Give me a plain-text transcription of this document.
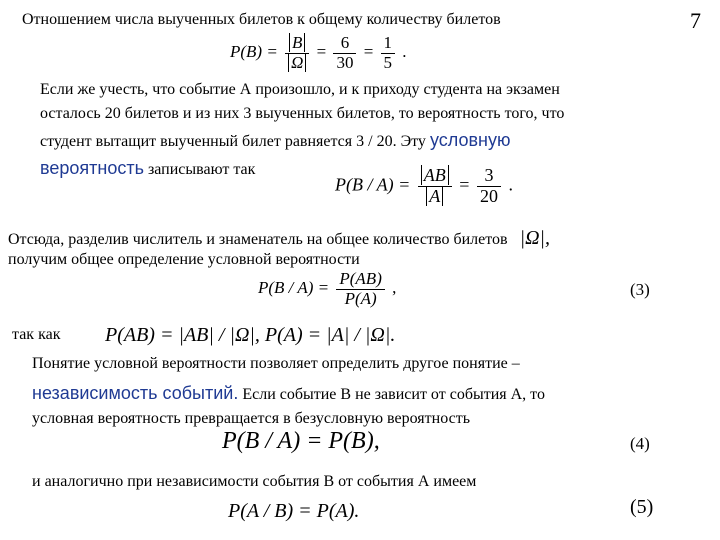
Отношением числа выученных билетов к общему количеству билетов	7
$P(B) = \frac{B}{\Omega} = \frac{6}{30} = \frac{1}{5}$ .
Если же учесть, что событие А произошло, и к приходу студента на экзамен
осталось 20 билетов и из них 3 выученных билетов, то вероятность того, что
студент вытащит выученный билет равняется 3 / 20. Эту условную
вероятность записывают так
$P(B / A) = \frac{AB}{A} = \frac{3}{20}$ .
Отсюда, разделив числитель и знаменатель на общее количество билетов |Ω|,
получим общее определение условной вероятности
$P(B / A) = \frac{P(AB)}{P(A)}$ ,	(3)
так как P(AB) = |AB| / |Ω|, P(A) = |A| / |Ω|.
Понятие условной вероятности позволяет определить другое понятие –
независимость событий. Если событие В не зависит от события А, то
условная вероятность превращается в безусловную вероятность
P(B / A) = P(B),	(4)
и аналогично при независимости события В от события А имеем
P(A / B) = P(A).	(5)
